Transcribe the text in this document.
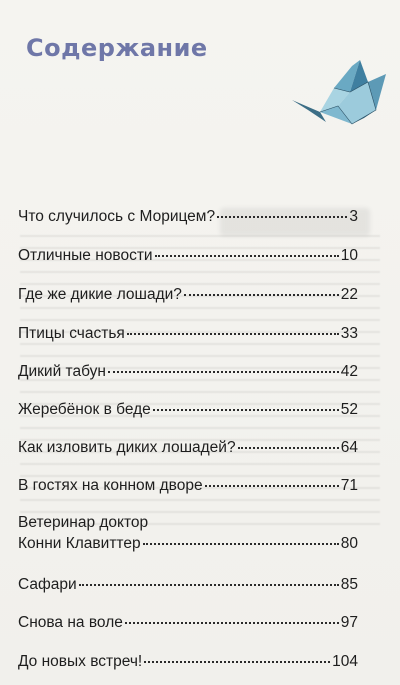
Содержание
Что случилось с Морицем?	3
Отличные новости	10
Где же дикие лошади?	22
Птицы счастья	33
Дикий табун	42
Жеребёнок в беде	52
Как изловить диких лошадей?	64
В гостях на конном дворе	71
Ветеринар доктор
Конни Клавиттер	80
Сафари	85
Снова на воле	97
До новых встреч!	104
